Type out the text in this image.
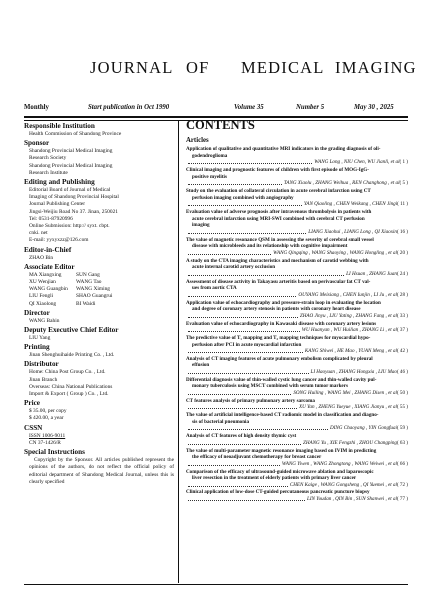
JOURNAL OF MEDICAL IMAGING
Monthly	Start publication in Oct 1990	Volume 35	Number 5	May 30 , 2025
Responsible Institution
Health Commission of Shandong Province
Sponsor
Shandong Provincial Medical Imaging
Research Society
Shandong Provincial Medical Imaging
Research Institute
Editing and Publishing
Editorial Board of Journal of Medical
Imaging of Shandong Provincial Hospital
Journal Publishing Center
Jingsi-Weijiu Road No 37. Jinan, 250021
Tel: 0531-87920996
Online Submission: http:// syxt. cbpt.
cnki. net
E-mail: yyxyxzz@126.com
Editor-in-Chief
ZHAO Bin
Associate Editor
MA Xiangxing	SUN Gang
XU Wenjian	WANG Tao
WANG Guangbin	WANG Ximing
LIU Fengli	SHAO Guangrui
QI Xiaolong	BI Waidi
Director
WANG Bahin
Deputy Executive Chief Editor
LIU Yang
Printing
Jinan Shenghuihaide Printing Co. , Ltd.
Distributor
Home: China Post Group Co. , Ltd.
Jinan Branch
Overseas: China National Publications
Import & Export ( Group ) Co. , Ltd.
Price
$ 35.00, per copy
$ 420.00, a year
CSSN
ISSN 1006-9011
CN 37-1426/R
Special Instructions
Copyright by the Sponsor. All articles published represent the opinions of the authors, do not reflect the official policy of editorial department of Shandong Medical Journal, unless this is clearly specified
CONTENTS
Articles
Application of qualitative and quantitative MRI indicators in the grading diagnosis of oli-
godendroglioma
WANG Long , NIU Chen, WU Jianli, et al ( 1 )
Clinical imaging and prognostic features of children with first episode of MOG-IgG-
positive myelitis
TANG Xiaolu , ZHANG Weihua , REN Changhong , et al ( 5 )
Study on the evaluation of collateral circulation in acute cerebral infarction using CT
perfusion imaging combined with angiography
YAN Qiaoling , CHEN Weikang , CHEN Jingi ( 11 )
Evaluation value of adverse prognosis after intravenous thrombolysis in patients with
acute cerebral infarction using MRI-SWI combined with cerebral CT perfusion
imaging
LIANG Xiaohui , LIANG Long , QI Xiaoxin ( 16 )
The value of magnetic resonance QSM in assessing the severity of cerebral small vessel
disease with microbleeds and its relationship with cognitive impairment
WANG Qingqing , WANG Shaoying , WANG Hongling , et al ( 20 )
A study on the CTA imaging characteristics and mechanism of carotid webbing with
acute internal carotid artery occlusion
LI Hsuan , ZHANG Juan ( 24 )
Assessment of disease activity in Takayasu arteritis based on perivascular fat CT val-
ues from aortic CTA
OUYANG Meixiang , CHEN Iunjin , LI Ju , et al ( 28 )
Application value of echocardiography and pressure-strain loop in evaluating the location
and degree of coronary artery stenosis in patients with coronary heart disease
ZHAO Jinyu , LIU Yating , ZHANG Fang , et al ( 33 )
Evaluation value of echocardiography in Kawasaki disease with coronary artery lesions
WU Huanyan , WU Huilian , ZHANG Li , et al ( 37 )
The predictive value of T₁ mapping and T₂ mapping techniques for myocardial hypo-
perfusion after PCI in acute myocardial infarction
KANG Shiwei , HE Mao , YUAN Meng , et al ( 42 )
Analysis of CT imaging features of acute pulmonary embolism complicated by pleural
effusion
LI Haoyuan , ZHANG Hongxia , LIU Mao ( 46 )
Differential diagnosis value of thin-walled cystic lung cancer and thin-walled cavity pul-
monary tuberculosis using MSCT combined with serum tumor markers
SONG Huiling , WANG Mei , ZHANG Disen , et al ( 50 )
CT features analysis of primary pulmonary artery sarcoma
XU Yan , ZHENG Yueyue , XIANG Jianyu , et al ( 55 )
The value of artificial intelligence-based CT radiomic model in classification and diagno-
sis of bacterial pneumonia
DING Chaoyang , YIN Gongfuai ( 59 )
Analysis of CT features of high density thymic cyst
ZHANG Yu , XIE Fengzhi , ZHOU Changping ( 63 )
The value of multi-parameter magnetic resonance imaging based on IVIM in predicting
the efficacy of neoadjuvant chemotherapy for breast cancer
WANG Yiwen , WANG Zhongtong , WANG Weiwei , et al ( 66 )
Comparison of the efficacy of ultrasound-guided microwave ablation and laparoscopic
liver resection in the treatment of elderly patients with primary liver cancer
CHEN Kaige , WANG Gongsheng , QI Yuemei , et al ( 72 )
Clinical application of low-dose CT-guided percutaneous pancreatic puncture biopsy
LIN Youdan , QIN Bin , SUN Shanwei , et al ( 77 )
